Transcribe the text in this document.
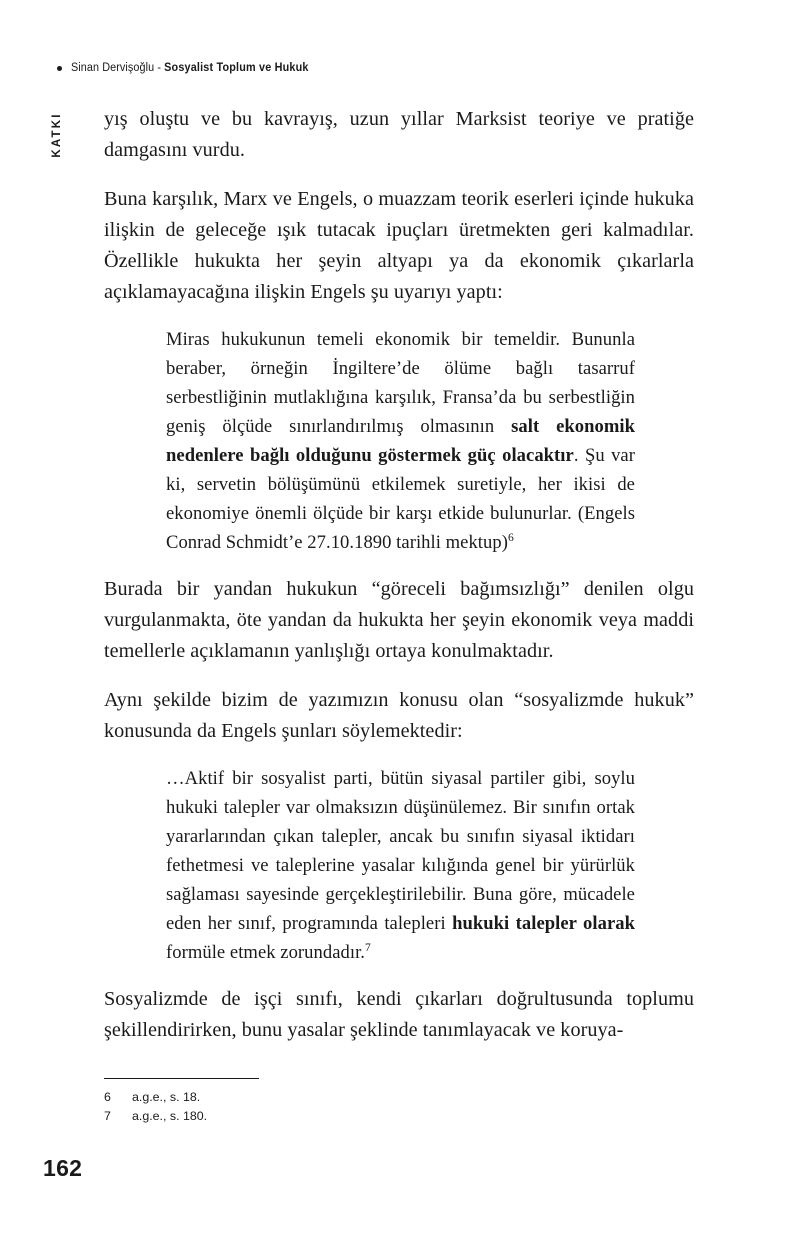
Sinan Dervişoğlu - Sosyalist Toplum ve Hukuk
KATKI yış oluştu ve bu kavrayış, uzun yıllar Marksist teoriye ve pratiğe damgasını vurdu.

Buna karşılık, Marx ve Engels, o muazzam teorik eserleri içinde hukuka ilişkin de geleceğe ışık tutacak ipuçları üretmekten geri kalmadılar. Özellikle hukukta her şeyin altyapı ya da ekonomik çıkarlarla açıklamayacağına ilişkin Engels şu uyarıyı yaptı:

Miras hukukunun temeli ekonomik bir temeldir. Bununla beraber, örneğin İngiltere’de ölüme bağlı tasarruf serbestliğinin mutlaklığına karşılık, Fransa’da bu serbestliğin geniş ölçüde sınırlandırılmış olmasının salt ekonomik nedenlere bağlı olduğunu göstermek güç olacaktır. Şu var ki, servetin bölüşümünü etkilemek suretiyle, her ikisi de ekonomiye önemli ölçüde bir karşı etkide bulunurlar. (Engels Conrad Schmidt’e 27.10.1890 tarihli mektup)$^6$

Burada bir yandan hukukun “göreceli bağımsızlığı” denilen olgu vurgulanmakta, öte yandan da hukukta her şeyin ekonomik veya maddi temellerle açıklamanın yanlışlığı ortaya konulmaktadır.

Aynı şekilde bizim de yazımızın konusu olan “sosyalizmde hukuk” konusunda da Engels şunları söylemektedir:

…Aktif bir sosyalist parti, bütün siyasal partiler gibi, soylu hukuki talepler var olmaksızın düşünülemez. Bir sınıfın ortak yararlarından çıkan talepler, ancak bu sınıfın siyasal iktidarı fethetmesi ve taleplerine yasalar kılığında genel bir yürürlük sağlaması sayesinde gerçekleştirilebilir. Buna göre, mücadele eden her sınıf, programında talepleri hukuki talepler olarak formüle etmek zorundadır.$^7$

Sosyalizmde de işçi sınıfı, kendi çıkarları doğrultusunda toplumu şekillendirirken, bunu yasalar şeklinde tanımlayacak ve koruya-

6	a.g.e., s. 18.
7	a.g.e., s. 180.
162
